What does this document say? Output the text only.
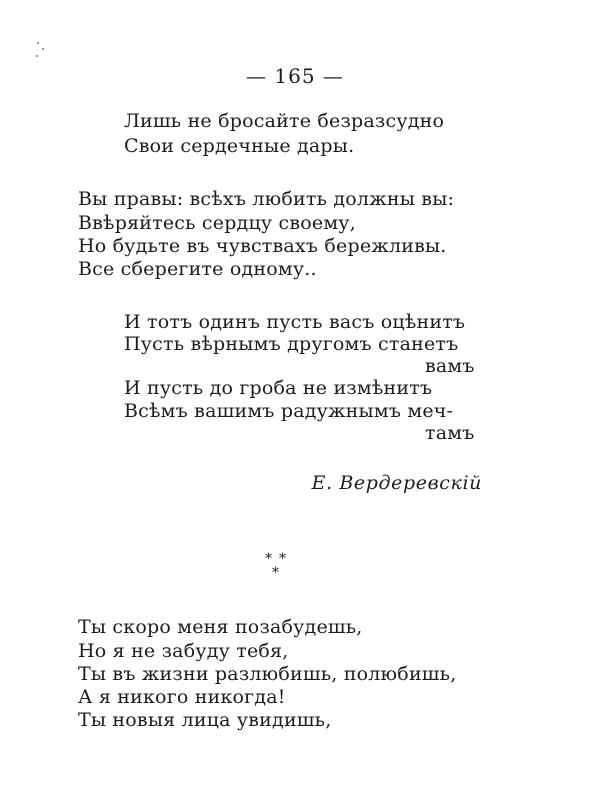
— 165 —
Лишь не бросайте безразсудно
Свои сердечные дары.
Вы правы: всѣхъ любить должны вы:
Ввѣряйтесь сердцу своему,
Но будьте въ чувствахъ бережливы.
Все сберегите одному..
И тотъ одинъ пусть васъ оцѣнитъ
Пусть вѣрнымъ другомъ станетъ
вамъ
И пусть до гроба не измѣнитъ
Всѣмъ вашимъ радужнымъ меч-
тамъ
Е. Вердеревскій
* *
*
Ты скоро меня позабудешь,
Но я не забуду тебя,
Ты въ жизни разлюбишь, полюбишь,
А я никого никогда!
Ты новыя лица увидишь,
